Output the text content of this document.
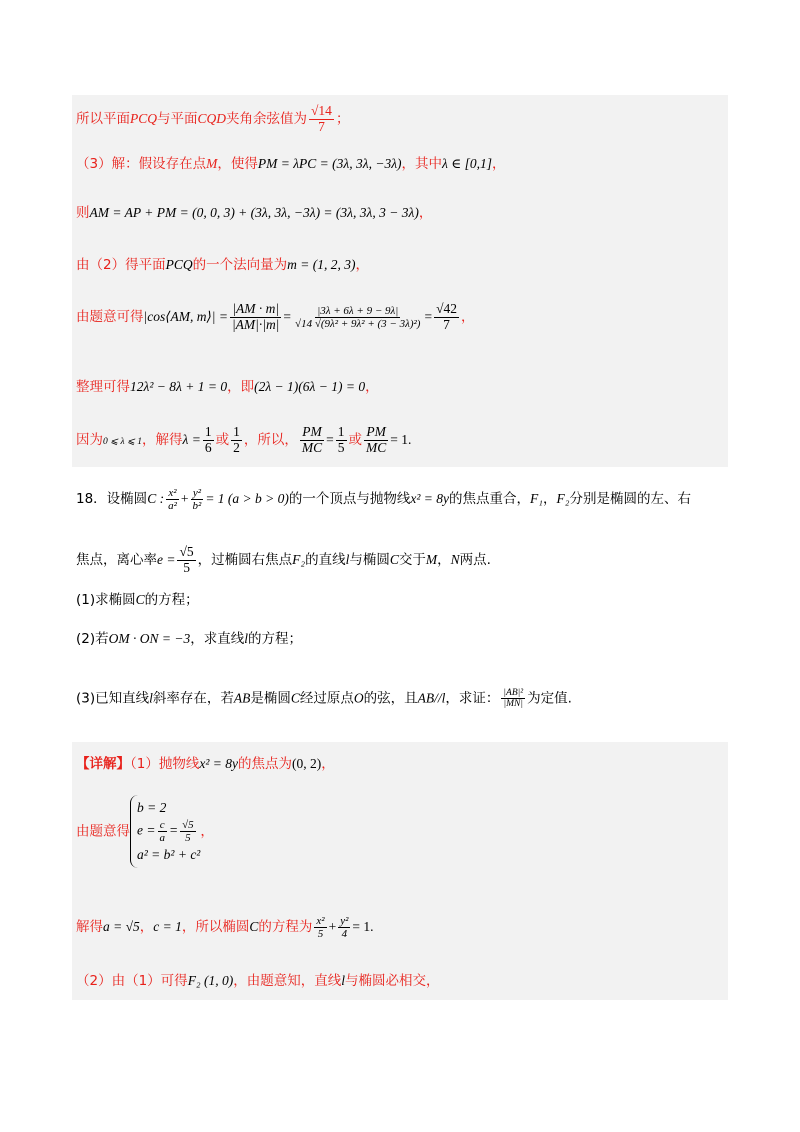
所以平面PCQ与平面CQD夹角余弦值为 $\frac{√14}{7}$ ；
（3）解：假设存在点M，使得PM = λPC = (3λ, 3λ, −3λ)，其中λ ∈ [0,1]，
则AM = AP + PM = (0, 0, 3) + (3λ, 3λ, −3λ) = (3λ, 3λ, 3 − 3λ)，
由（2）得平面PCQ的一个法向量为m = (1, 2, 3)，
由题意可得|cos⟨AM, m⟩| = $\frac{|AM \cdot m|}{|AM|\cdot|m|} = \frac{|3\lambda + 6\lambda + 9 - 9\lambda|}{\text{√14 √(9λ² + 9λ² + (3 − 3λ)²)}} = \frac{√42}{7}$ ，
整理可得12λ² − 8λ + 1 = 0，即(2λ − 1)(6λ − 1) = 0，
因为0 ⩽ λ ⩽ 1，解得$\lambda = \frac{1}{6}$ 或 $\frac{1}{2}$ ，所以， $\frac{PM}{MC} = \frac{1}{5}$ 或 $\frac{PM}{MC} = 1$.
18．设椭圆C : $\frac{\text{x²}}{\text{a²}} + \frac{\text{y²}}{\text{b²}} = 1$ (a > b > 0)的一个顶点与抛物线x² = 8y的焦点重合，F₁，F₂分别是椭圆的左、右
焦点，离心率$e = \frac{√5}{5}$ ，过椭圆右焦点F₂的直线l与椭圆C交于M，N两点.
(1)求椭圆C的方程；
(2)若OM · ON = −3，求直线l的方程；
(3)已知直线l斜率存在，若AB是椭圆C经过原点O的弦，且AB//l，求证： $\frac{\text{|AB|²}}{|MN|}$ 为定值.
【详解】（1）抛物线x² = 8y的焦点为(0, 2)，
由题意得b = 2
$e = \frac{c}{a} = \frac{√5}{5}$

a² = b² + c²，
解得a = √5，c = 1，所以椭圆C的方程为 $\frac{\text{x²}}{5} + \frac{\text{y²}}{4} = 1$.
（2）由（1）可得F₂ (1, 0)，由题意知，直线l与椭圆必相交，
